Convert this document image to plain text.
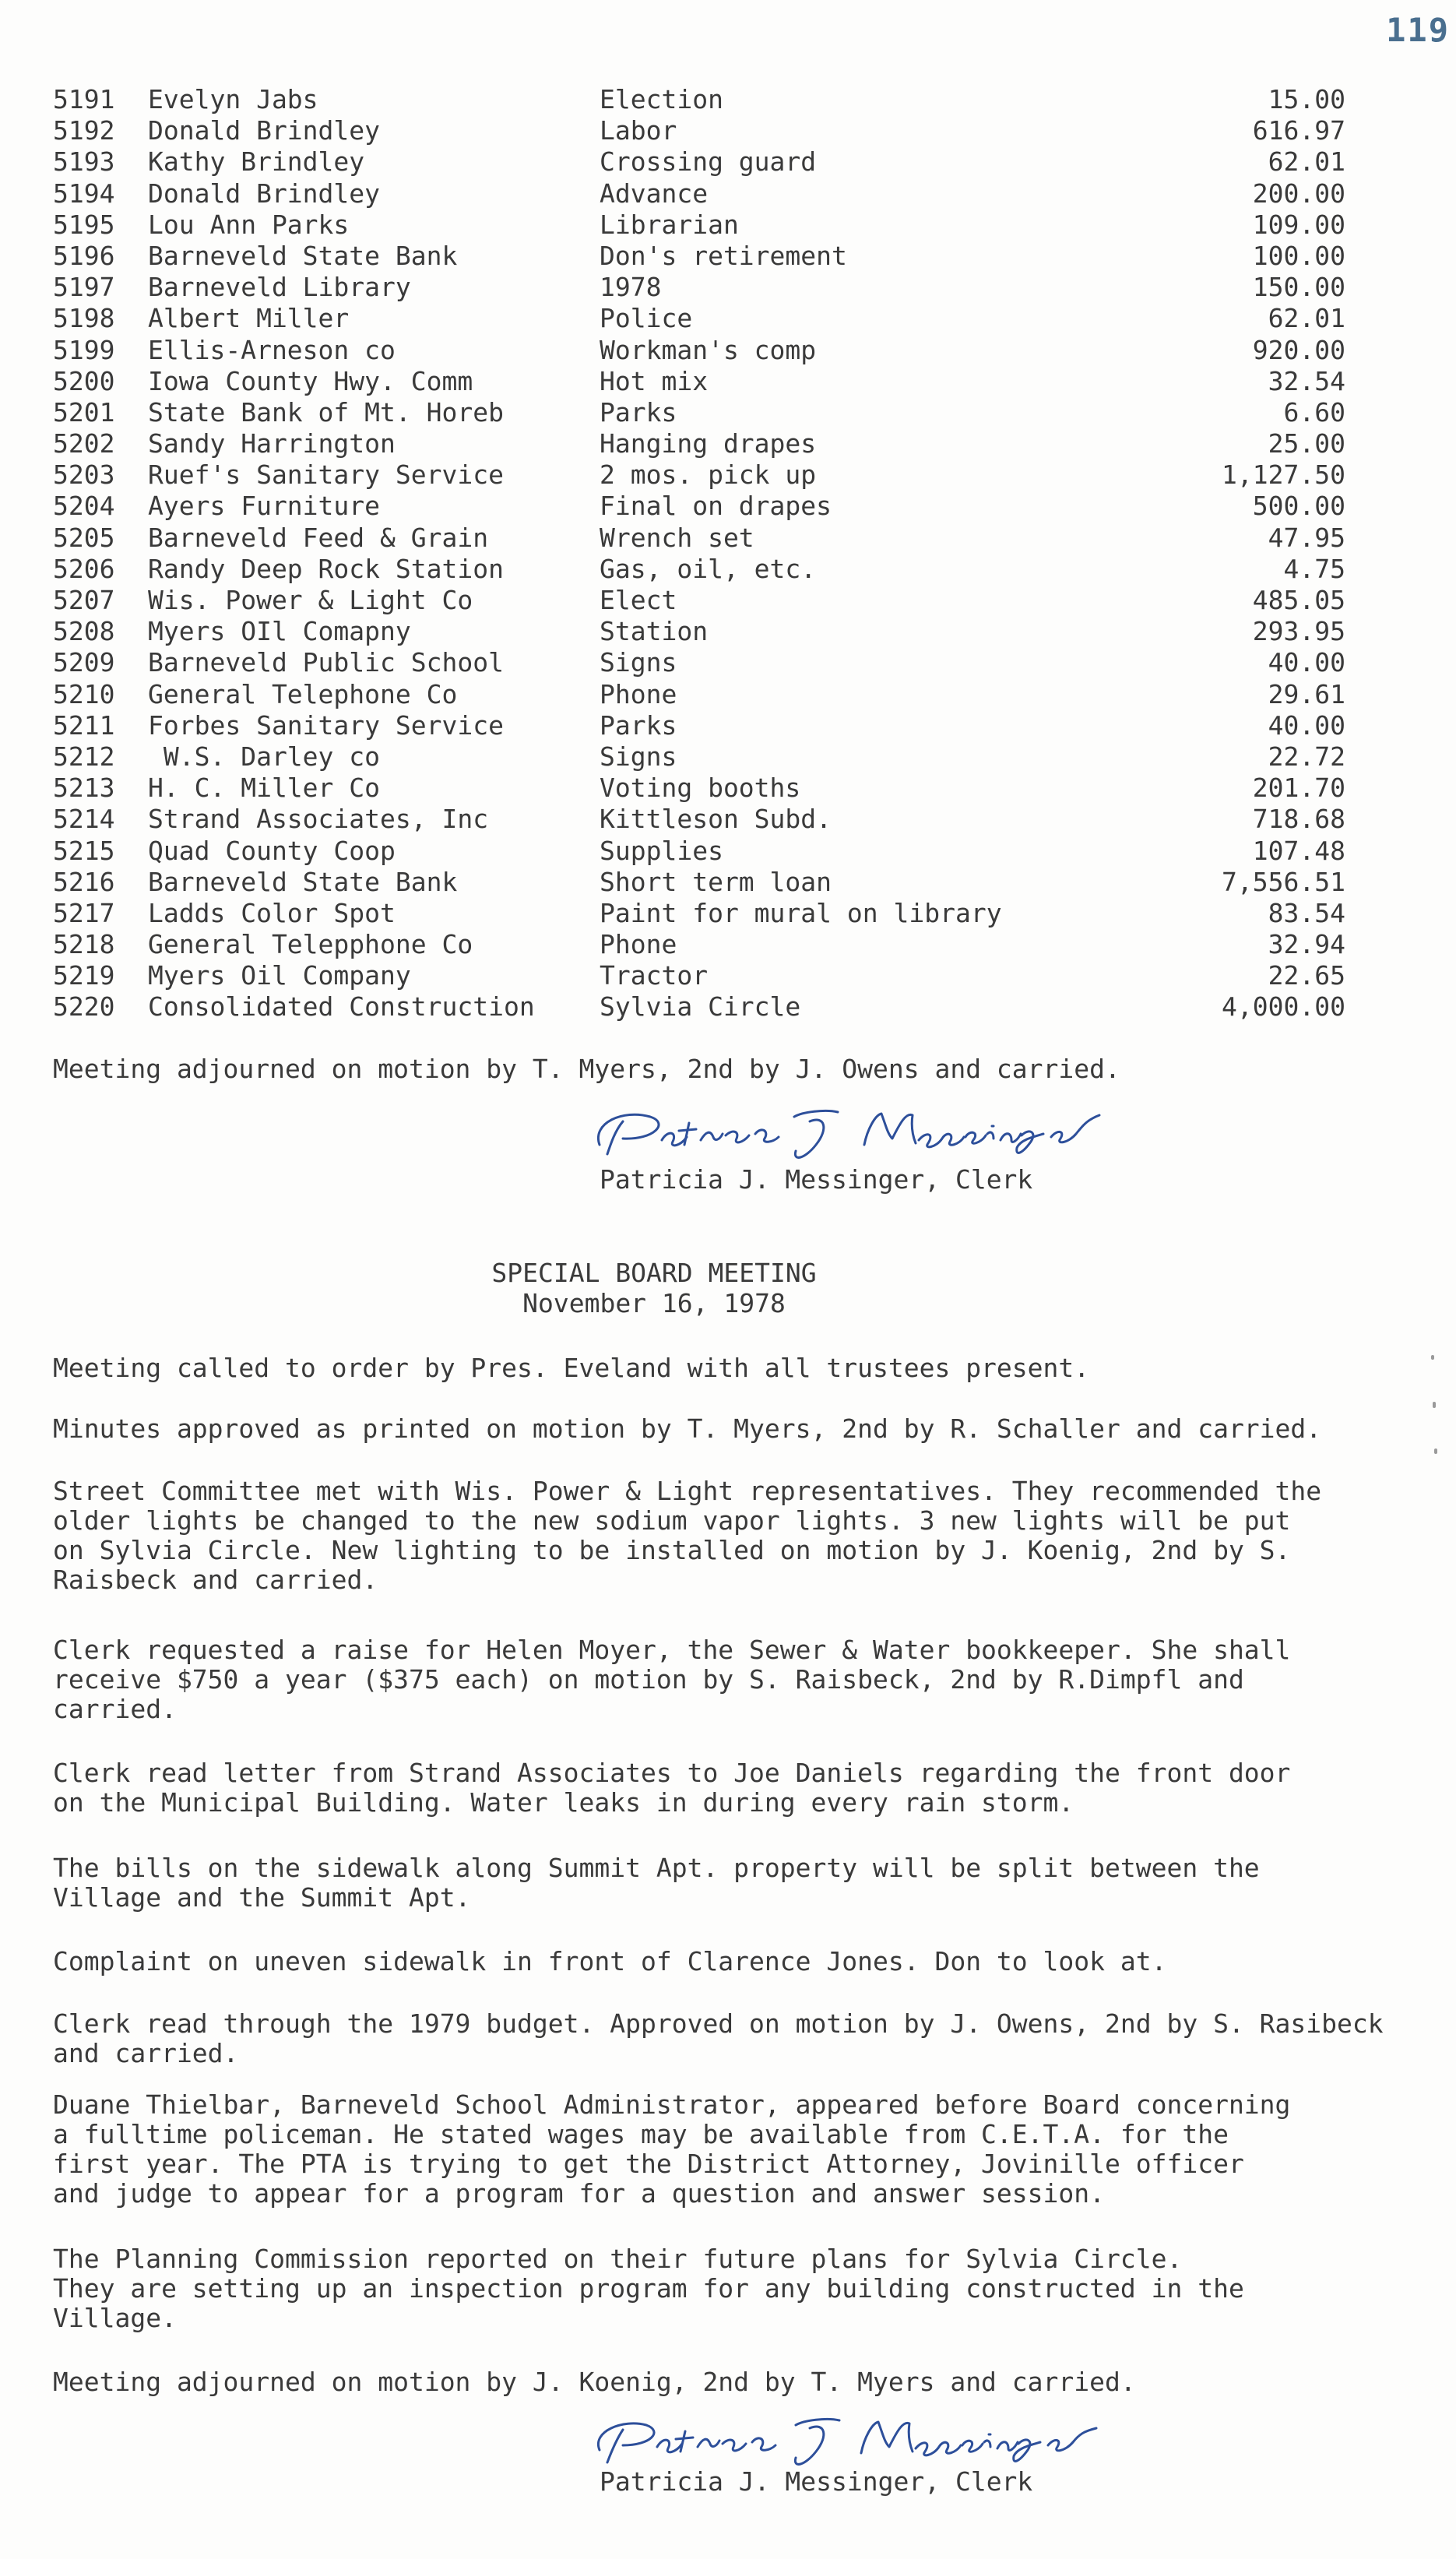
119
5191 Evelyn Jabs	Election	15.00
5192 Donald Brindley	Labor	616.97
5193 Kathy Brindley	Crossing guard	62.01
5194 Donald Brindley	Advance	200.00
5195 Lou Ann Parks	Librarian	109.00
5196 Barneveld State Bank	Don's retirement	100.00
5197 Barneveld Library	1978	150.00
5198 Albert Miller	Police	62.01
5199 Ellis-Arneson co	Workman's comp	920.00
5200 Iowa County Hwy. Comm	Hot mix	32.54
5201 State Bank of Mt. Horeb	Parks	6.60
5202 Sandy Harrington	Hanging drapes	25.00
5203 Ruef's Sanitary Service	2 mos. pick up	1,127.50
5204 Ayers Furniture	Final on drapes	500.00
5205 Barneveld Feed & Grain	Wrench set	47.95
5206 Randy Deep Rock Station	Gas, oil, etc.	4.75
5207 Wis. Power & Light Co	Elect	485.05
5208 Myers OIl Comapny	Station	293.95
5209 Barneveld Public School	Signs	40.00
5210 General Telephone Co	Phone	29.61
5211 Forbes Sanitary Service	Parks	40.00
5212 W.S. Darley co	Signs	22.72
5213 H. C. Miller Co	Voting booths	201.70
5214 Strand Associates, Inc	Kittleson Subd.	718.68
5215 Quad County Coop	Supplies	107.48
5216 Barneveld State Bank	Short term loan	7,556.51
5217 Ladds Color Spot	Paint for mural on library	83.54
5218 General Telepphone Co	Phone	32.94
5219 Myers Oil Company	Tractor	22.65
5220 Consolidated Construction	Sylvia Circle	4,000.00
Meeting adjourned on motion by T. Myers, 2nd by J. Owens and carried.
Patricia J. Messinger, Clerk
SPECIAL BOARD MEETING
November 16, 1978
Meeting called to order by Pres. Eveland with all trustees present.
Minutes approved as printed on motion by T. Myers, 2nd by R. Schaller and carried.
Street Committee met with Wis. Power & Light representatives. They recommended the
older lights be changed to the new sodium vapor lights. 3 new lights will be put
on Sylvia Circle. New lighting to be installed on motion by J. Koenig, 2nd by S.
Raisbeck and carried.
Clerk requested a raise for Helen Moyer, the Sewer & Water bookkeeper. She shall
receive $750 a year ($375 each) on motion by S. Raisbeck, 2nd by R.Dimpfl and
carried.
Clerk read letter from Strand Associates to Joe Daniels regarding the front door
on the Municipal Building. Water leaks in during every rain storm.
The bills on the sidewalk along Summit Apt. property will be split between the
Village and the Summit Apt.
Complaint on uneven sidewalk in front of Clarence Jones. Don to look at.
Clerk read through the 1979 budget. Approved on motion by J. Owens, 2nd by S. Rasibeck
and carried.
Duane Thielbar, Barneveld School Administrator, appeared before Board concerning
a fulltime policeman. He stated wages may be available from C.E.T.A. for the
first year. The PTA is trying to get the District Attorney, Jovinille officer
and judge to appear for a program for a question and answer session.
The Planning Commission reported on their future plans for Sylvia Circle.
They are setting up an inspection program for any building constructed in the
Village.
Meeting adjourned on motion by J. Koenig, 2nd by T. Myers and carried.
Patricia J. Messinger, Clerk
